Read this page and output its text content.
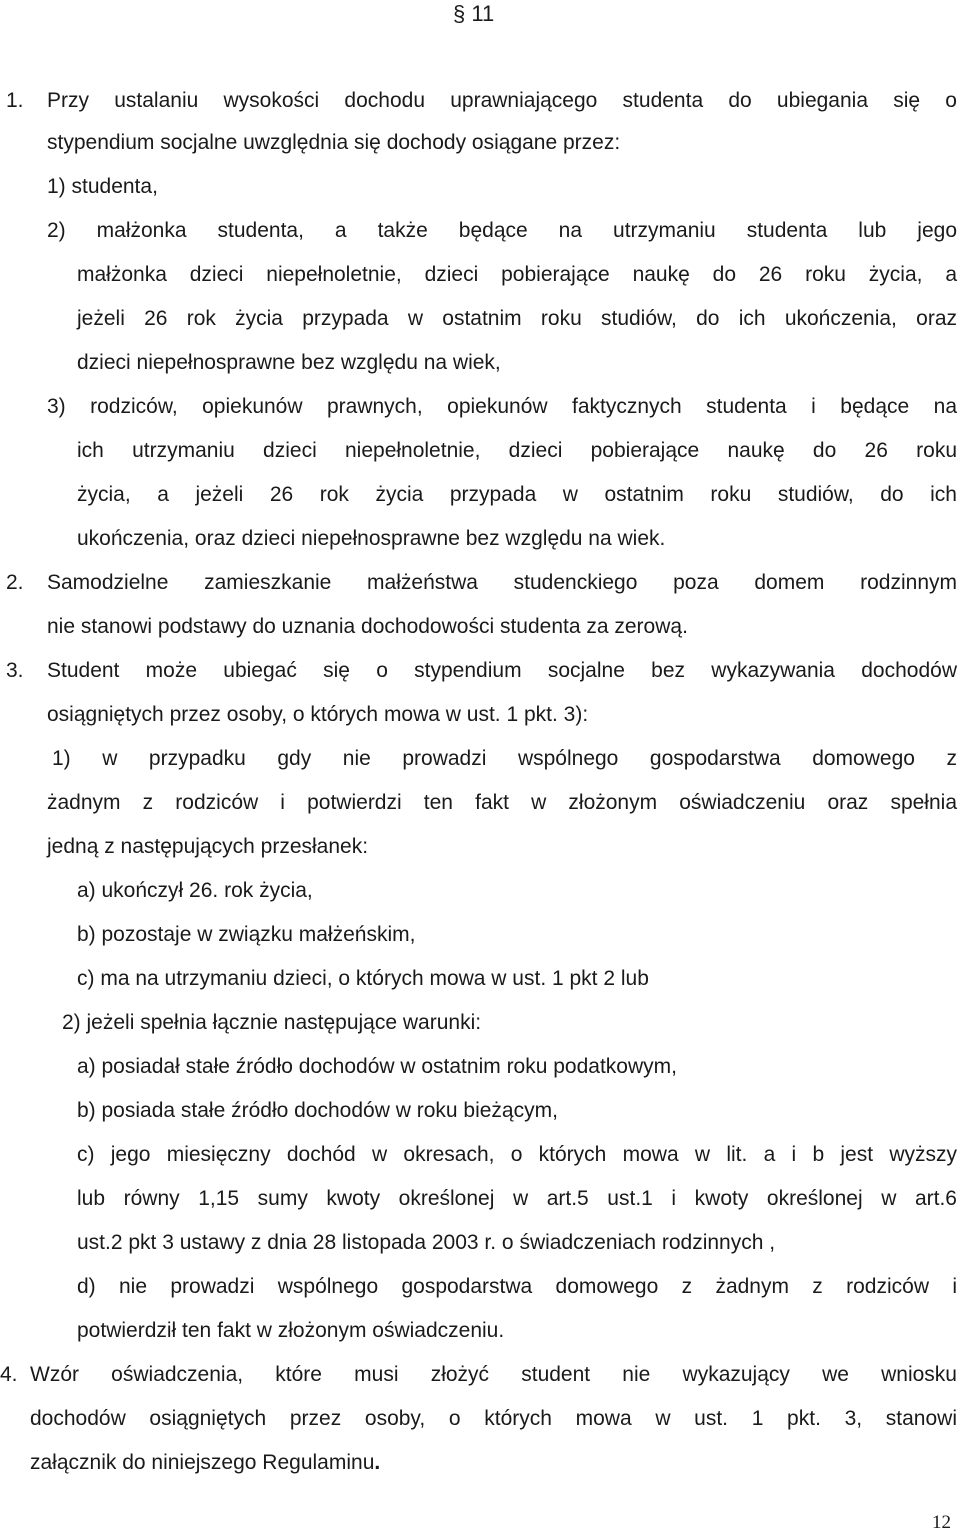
§ 11
1. Przy ustalaniu wysokości dochodu uprawniającego studenta do ubiegania się o
stypendium socjalne uwzględnia się dochody osiągane przez:
1) studenta,
2) małżonka studenta, a także będące na utrzymaniu studenta lub jego
małżonka dzieci niepełnoletnie, dzieci pobierające naukę do 26 roku życia, a
jeżeli 26 rok życia przypada w ostatnim roku studiów, do ich ukończenia, oraz
dzieci niepełnosprawne bez względu na wiek,
3) rodziców, opiekunów prawnych, opiekunów faktycznych studenta i będące na
ich utrzymaniu dzieci niepełnoletnie, dzieci pobierające naukę do 26 roku
życia, a jeżeli 26 rok życia przypada w ostatnim roku studiów, do ich
ukończenia, oraz dzieci niepełnosprawne bez względu na wiek.
2. Samodzielne zamieszkanie małżeństwa studenckiego poza domem rodzinnym
nie stanowi podstawy do uznania dochodowości studenta za zerową.
3. Student może ubiegać się o stypendium socjalne bez wykazywania dochodów
osiągniętych przez osoby, o których mowa w ust. 1 pkt. 3):
1) w przypadku gdy nie prowadzi wspólnego gospodarstwa domowego z
żadnym z rodziców i potwierdzi ten fakt w złożonym oświadczeniu oraz spełnia
jedną z następujących przesłanek:
a) ukończył 26. rok życia,
b) pozostaje w związku małżeńskim,
c) ma na utrzymaniu dzieci, o których mowa w ust. 1 pkt 2 lub
2) jeżeli spełnia łącznie następujące warunki:
a) posiadał stałe źródło dochodów w ostatnim roku podatkowym,
b) posiada stałe źródło dochodów w roku bieżącym,
c) jego miesięczny dochód w okresach, o których mowa w lit. a i b jest wyższy
lub równy 1,15 sumy kwoty określonej w art.5 ust.1 i kwoty określonej w art.6
ust.2 pkt 3 ustawy z dnia 28 listopada 2003 r. o świadczeniach rodzinnych ,
d) nie prowadzi wspólnego gospodarstwa domowego z żadnym z rodziców i
potwierdził ten fakt w złożonym oświadczeniu.
4. Wzór oświadczenia, które musi złożyć student nie wykazujący we wniosku
dochodów osiągniętych przez osoby, o których mowa w ust. 1 pkt. 3, stanowi
załącznik do niniejszego Regulaminu.
12
